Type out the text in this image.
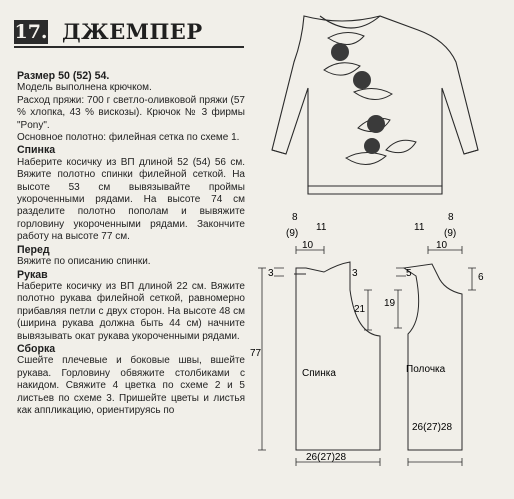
17. ДЖЕМПЕР

Размер 50 (52) 54.

Модель выполнена крючком.

Расход пряжи: 700 г светло-оливковой пряжи (57 % хлопка, 43 % вискозы). Крючок № 3 фирмы "Pony".

Основное полотно: филейная сетка по схеме 1.

Спинка

Наберите косичку из ВП длиной 52 (54) 56 см. Вяжите полотно спинки филейной сеткой. На высоте 53 см вывязывайте проймы укороченными рядами. На высоте 74 см разделите полотно пополам и вывяжите горловину укороченными рядами. Закончите работу на высоте 77 см.

Перед

Вяжите по описанию спинки.

Рукав

Наберите косичку из ВП длиной 22 см. Вяжите полотно рукава филейной сеткой, равномерно прибавляя петли с двух сторон. На высоте 48 см (ширина рукава должна быть 44 см) начните вывязывать окат рукава укороченными рядами.

Сборка

Сшейте плечевые и боковые швы, вшейте рукава. Горловину обвяжите столбиками с накидом. Свяжите 4 цветка по схеме 2 и 5 листьев по схеме 3. Пришейте цветы и листья как аппликацию, ориентируясь по

8
(9)
11
10
3	3
21
77
Спинка
26(27)28
11
8
(9)
10
5	6
19
Полочка
26(27)28
